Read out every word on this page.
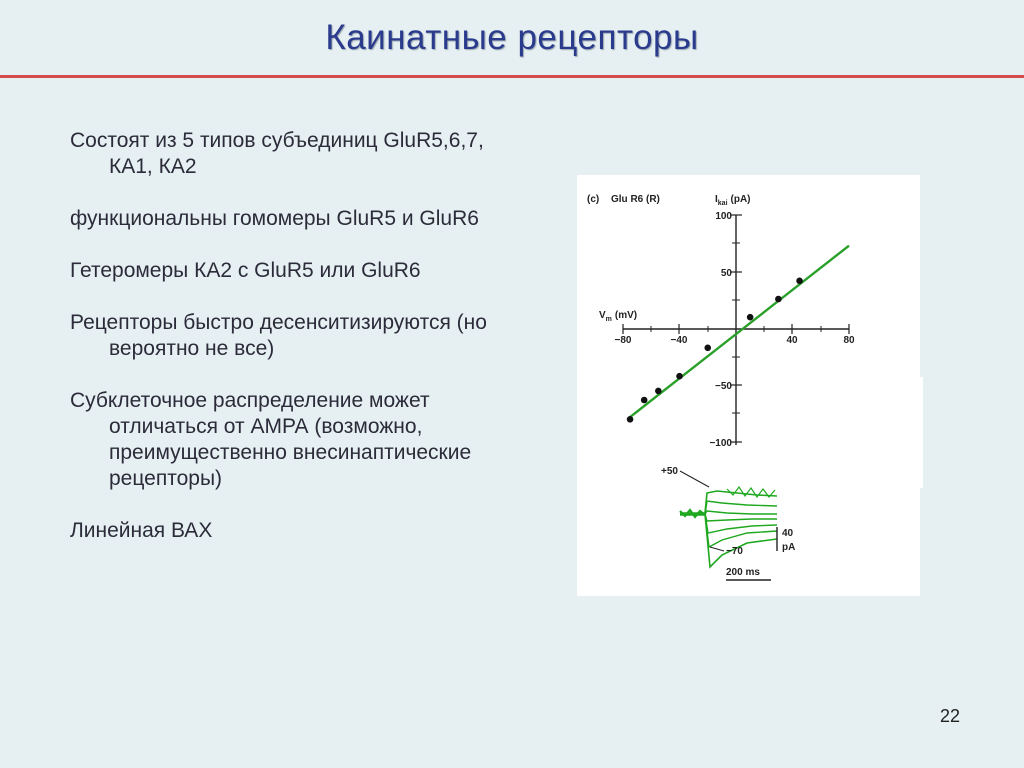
Каинатные рецепторы
Состоят из 5 типов субъединиц GluR5,6,7, КА1, КА2
функциональны гомомеры GluR5 и GluR6
Гетеромеры КА2 с GluR5 или GluR6
Рецепторы быстро десенситизируются (но вероятно не все)
Субклеточное распределение может отличаться от АМРА (возможно, преимущественно внесинаптические рецепторы)
Линейная ВАХ
(c) Glu R6 (R)	$I_{kai}$ (pA)
$V_m$ (mV)
−80	−40	40	80
100
50
−50
−100
+50
−70
40
pA
200 ms
22
